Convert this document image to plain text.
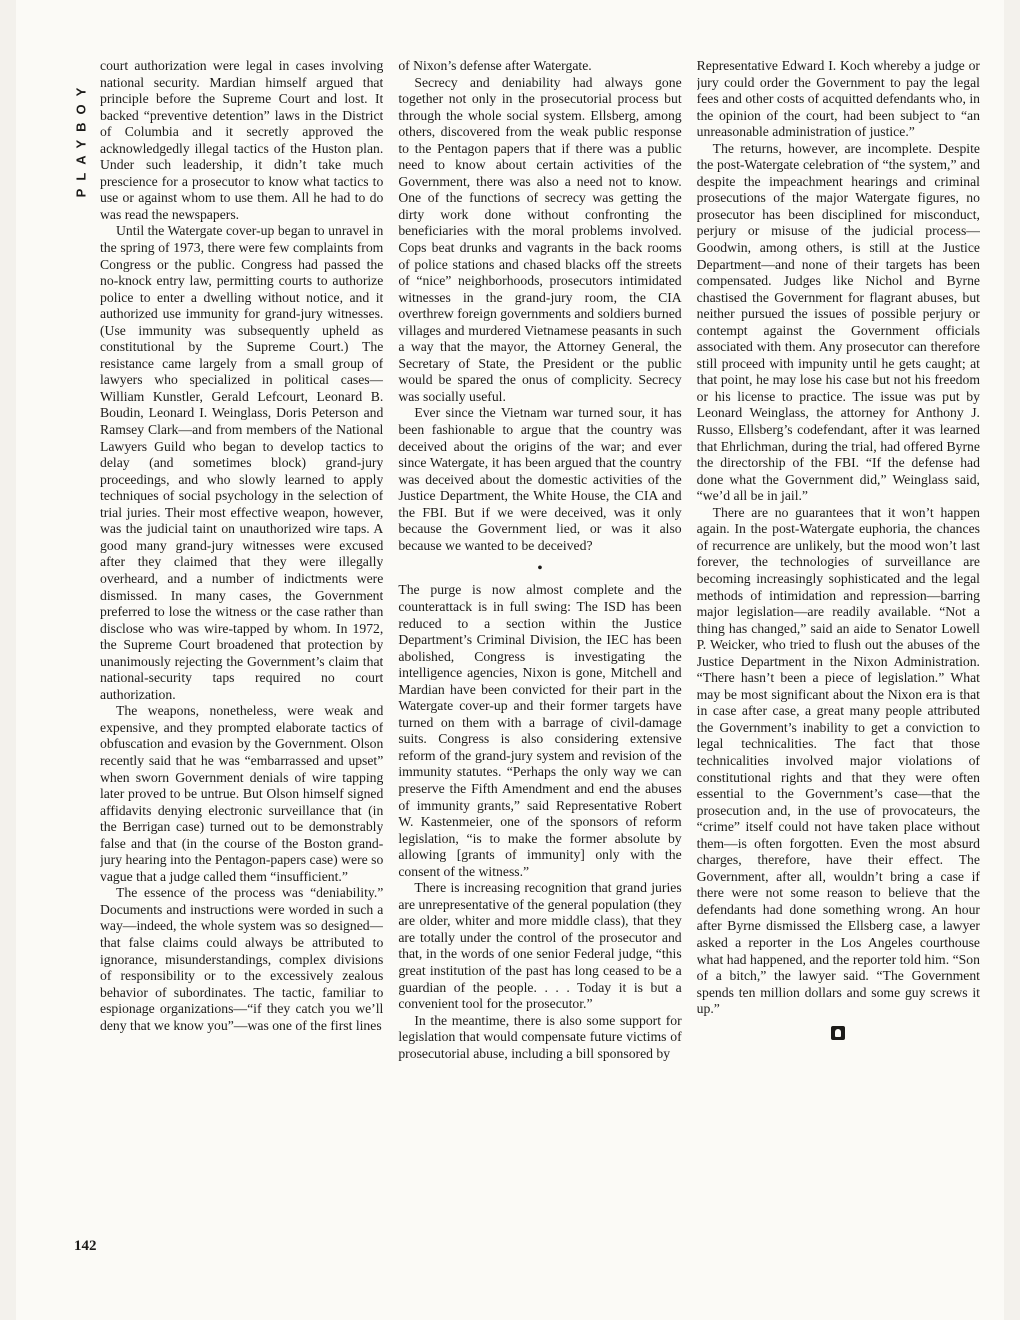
PLAYBOY

court authorization were legal in cases involving national security. Mardian himself argued that principle before the Supreme Court and lost. It backed “preventive detention” laws in the District of Columbia and it secretly approved the acknowledgedly illegal tactics of the Huston plan. Under such leadership, it didn’t take much prescience for a prosecutor to know what tactics to use or against whom to use them. All he had to do was read the newspapers.

Until the Watergate cover-up began to unravel in the spring of 1973, there were few complaints from Congress or the public. Congress had passed the no-knock entry law, permitting courts to authorize police to enter a dwelling without notice, and it authorized use immunity for grand-jury witnesses. (Use immunity was subsequently upheld as constitutional by the Supreme Court.) The resistance came largely from a small group of lawyers who specialized in political cases—William Kunstler, Gerald Lefcourt, Leonard B. Boudin, Leonard I. Weinglass, Doris Peterson and Ramsey Clark—and from members of the National Lawyers Guild who began to develop tactics to delay (and sometimes block) grand-jury proceedings, and who slowly learned to apply techniques of social psychology in the selection of trial juries. Their most effective weapon, however, was the judicial taint on unauthorized wire taps. A good many grand-jury witnesses were excused after they claimed that they were illegally overheard, and a number of indictments were dismissed. In many cases, the Government preferred to lose the witness or the case rather than disclose who was wire-tapped by whom. In 1972, the Supreme Court broadened that protection by unanimously rejecting the Government’s claim that national-security taps required no court authorization.

The weapons, nonetheless, were weak and expensive, and they prompted elaborate tactics of obfuscation and evasion by the Government. Olson recently said that he was “embarrassed and upset” when sworn Government denials of wire tapping later proved to be untrue. But Olson himself signed affidavits denying electronic surveillance that (in the Berrigan case) turned out to be demonstrably false and that (in the course of the Boston grand-jury hearing into the Pentagon-papers case) were so vague that a judge called them “insufficient.”

The essence of the process was “deniability.” Documents and instructions were worded in such a way—indeed, the whole system was so designed—that false claims could always be attributed to ignorance, misunderstandings, complex divisions of responsibility or to the excessively zealous behavior of subordinates. The tactic, familiar to espionage organizations—“if they catch you we’ll deny that we know you”—was one of the first lines

of Nixon’s defense after Watergate.

Secrecy and deniability had always gone together not only in the prosecutorial process but through the whole social system. Ellsberg, among others, discovered from the weak public response to the Pentagon papers that if there was a public need to know about certain activities of the Government, there was also a need not to know. One of the functions of secrecy was getting the dirty work done without confronting the beneficiaries with the moral problems involved. Cops beat drunks and vagrants in the back rooms of police stations and chased blacks off the streets of “nice” neighborhoods, prosecutors intimidated witnesses in the grand-jury room, the CIA overthrew foreign governments and soldiers burned villages and murdered Vietnamese peasants in such a way that the mayor, the Attorney General, the Secretary of State, the President or the public would be spared the onus of complicity. Secrecy was socially useful.

Ever since the Vietnam war turned sour, it has been fashionable to argue that the country was deceived about the origins of the war; and ever since Watergate, it has been argued that the country was deceived about the domestic activities of the Justice Department, the White House, the CIA and the FBI. But if we were deceived, was it only because the Government lied, or was it also because we wanted to be deceived?

•

The purge is now almost complete and the counterattack is in full swing: The ISD has been reduced to a section within the Justice Department’s Criminal Division, the IEC has been abolished, Congress is investigating the intelligence agencies, Nixon is gone, Mitchell and Mardian have been convicted for their part in the Watergate cover-up and their former targets have turned on them with a barrage of civil-damage suits. Congress is also considering extensive reform of the grand-jury system and revision of the immunity statutes. “Perhaps the only way we can preserve the Fifth Amendment and end the abuses of immunity grants,” said Representative Robert W. Kastenmeier, one of the sponsors of reform legislation, “is to make the former absolute by allowing [grants of immunity] only with the consent of the witness.”

There is increasing recognition that grand juries are unrepresentative of the general population (they are older, whiter and more middle class), that they are totally under the control of the prosecutor and that, in the words of one senior Federal judge, “this great institution of the past has long ceased to be a guardian of the people. . . . Today it is but a convenient tool for the prosecutor.”

In the meantime, there is also some support for legislation that would compensate future victims of prosecutorial abuse, including a bill sponsored by

Representative Edward I. Koch whereby a judge or jury could order the Government to pay the legal fees and other costs of acquitted defendants who, in the opinion of the court, had been subject to “an unreasonable administration of justice.”

The returns, however, are incomplete. Despite the post-Watergate celebration of “the system,” and despite the impeachment hearings and criminal prosecutions of the major Watergate figures, no prosecutor has been disciplined for misconduct, perjury or misuse of the judicial process—Goodwin, among others, is still at the Justice Department—and none of their targets has been compensated. Judges like Nichol and Byrne chastised the Government for flagrant abuses, but neither pursued the issues of possible perjury or contempt against the Government officials associated with them. Any prosecutor can therefore still proceed with impunity until he gets caught; at that point, he may lose his case but not his freedom or his license to practice. The issue was put by Leonard Weinglass, the attorney for Anthony J. Russo, Ellsberg’s codefendant, after it was learned that Ehrlichman, during the trial, had offered Byrne the directorship of the FBI. “If the defense had done what the Government did,” Weinglass said, “we’d all be in jail.”

There are no guarantees that it won’t happen again. In the post-Watergate euphoria, the chances of recurrence are unlikely, but the mood won’t last forever, the technologies of surveillance are becoming increasingly sophisticated and the legal methods of intimidation and repression—barring major legislation—are readily available. “Not a thing has changed,” said an aide to Senator Lowell P. Weicker, who tried to flush out the abuses of the Justice Department in the Nixon Administration. “There hasn’t been a piece of legislation.” What may be most significant about the Nixon era is that in case after case, a great many people attributed the Government’s inability to get a conviction to legal technicalities. The fact that those technicalities involved major violations of constitutional rights and that they were often essential to the Government’s case—that the prosecution and, in the use of provocateurs, the “crime” itself could not have taken place without them—is often forgotten. Even the most absurd charges, therefore, have their effect. The Government, after all, wouldn’t bring a case if there were not some reason to believe that the defendants had done something wrong. An hour after Byrne dismissed the Ellsberg case, a lawyer asked a reporter in the Los Angeles courthouse what had happened, and the reporter told him. “Son of a bitch,” the lawyer said. “The Government spends ten million dollars and some guy screws it up.”

142
